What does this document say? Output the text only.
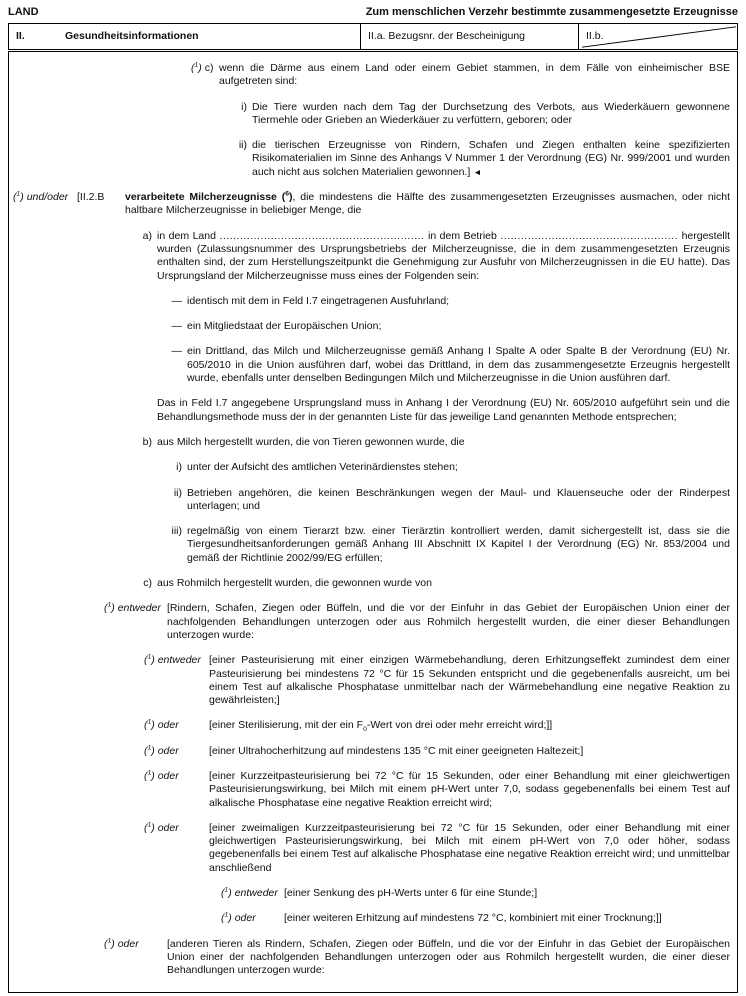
LAND	Zum menschlichen Verzehr bestimmte zusammengesetzte Erzeugnisse
II.	Gesundheitsinformationen	II.a. Bezugsnr. der Bescheinigung	II.b.
($^1$) c) wenn die Därme aus einem Land oder einem Gebiet stammen, in dem Fälle von einheimischer BSE aufgetreten sind:
i) Die Tiere wurden nach dem Tag der Durchsetzung des Verbots, aus Wiederkäuern gewonnene Tiermehle oder Grieben an Wiederkäuer zu verfüttern, geboren; oder
ii) die tierischen Erzeugnisse von Rindern, Schafen und Ziegen enthalten keine spezifizierten Risikomaterialien im Sinne des Anhangs V Nummer 1 der Verordnung (EG) Nr. 999/2001 und wurden auch nicht aus solchen Materialien gewonnen.] ◄
($^1$) und/oder [II.2.B verarbeitete Milcherzeugnisse ($^6$), die mindestens die Hälfte des zusammengesetzten Erzeugnisses ausmachen, oder nicht haltbare Milcherzeugnisse in beliebiger Menge, die
a) in dem Land ............................................................ in dem Betrieb .................................................... hergestellt wurden (Zulassungsnummer des Ursprungsbetriebs der Milcherzeugnisse, die in dem zusammengesetzten Erzeugnis enthalten sind, der zum Herstellungszeitpunkt die Genehmigung zur Ausfuhr von Milcherzeugnissen in die EU hatte). Das Ursprungsland der Milcherzeugnisse muss eines der Folgenden sein:
— identisch mit dem in Feld I.7 eingetragenen Ausfuhrland;
— ein Mitgliedstaat der Europäischen Union;
— ein Drittland, das Milch und Milcherzeugnisse gemäß Anhang I Spalte A oder Spalte B der Verordnung (EU) Nr. 605/2010 in die Union ausführen darf, wobei das Drittland, in dem das zusammengesetzte Erzeugnis hergestellt wurde, ebenfalls unter denselben Bedingungen Milch und Milcherzeugnisse in die Union ausführen darf.
Das in Feld I.7 angegebene Ursprungsland muss in Anhang I der Verordnung (EU) Nr. 605/2010 aufgeführt sein und die Behandlungsmethode muss der in der genannten Liste für das jeweilige Land genannten Methode entsprechen;
b) aus Milch hergestellt wurden, die von Tieren gewonnen wurde, die
i) unter der Aufsicht des amtlichen Veterinärdienstes stehen;
ii) Betrieben angehören, die keinen Beschränkungen wegen der Maul- und Klauenseuche oder der Rinderpest unterlagen; und
iii) regelmäßig von einem Tierarzt bzw. einer Tierärztin kontrolliert werden, damit sichergestellt ist, dass sie die Tiergesundheitsanforderungen gemäß Anhang III Abschnitt IX Kapitel I der Verordnung (EG) Nr. 853/2004 und gemäß der Richtlinie 2002/99/EG erfüllen;
c) aus Rohmilch hergestellt wurden, die gewonnen wurde von
($^1$) entweder [Rindern, Schafen, Ziegen oder Büffeln, und die vor der Einfuhr in das Gebiet der Europäischen Union einer der nachfolgenden Behandlungen unterzogen oder aus Rohmilch hergestellt wurden, die einer dieser Behandlungen unterzogen wurde:
($^1$) entweder [einer Pasteurisierung mit einer einzigen Wärmebehandlung, deren Erhitzungseffekt zumindest dem einer Pasteurisierung bei mindestens 72 °C für 15 Sekunden entspricht und die gegebenenfalls ausreicht, um bei einem Test auf alkalische Phosphatase unmittelbar nach der Wärmebehandlung eine negative Reaktion zu gewährleisten;]
($^1$) oder	[einer Sterilisierung, mit der ein $F_0$-Wert von drei oder mehr erreicht wird;]]
($^1$) oder	[einer Ultrahocherhitzung auf mindestens 135 °C mit einer geeigneten Haltezeit;]
($^1$) oder	[einer Kurzzeitpasteurisierung bei 72 °C für 15 Sekunden, oder einer Behandlung mit einer gleichwertigen Pasteurisierungswirkung, bei Milch mit einem pH-Wert unter 7,0, sodass gegebenenfalls bei einem Test auf alkalische Phosphatase eine negative Reaktion erreicht wird;
($^1$) oder	[einer zweimaligen Kurzzeitpasteurisierung bei 72 °C für 15 Sekunden, oder einer Behandlung mit einer gleichwertigen Pasteurisierungswirkung, bei Milch mit einem pH-Wert von 7,0 oder höher, sodass gegebenenfalls bei einem Test auf alkalische Phosphatase eine negative Reaktion erreicht wird; und unmittelbar anschließend
($^1$) entweder [einer Senkung des pH-Werts unter 6 für eine Stunde;]
($^1$) oder	[einer weiteren Erhitzung auf mindestens 72 °C, kombiniert mit einer Trocknung;]]
($^1$) oder	[anderen Tieren als Rindern, Schafen, Ziegen oder Büffeln, und die vor der Einfuhr in das Gebiet der Europäischen Union einer der nachfolgenden Behandlungen unterzogen oder aus Rohmilch hergestellt wurden, die einer dieser Behandlungen unterzogen wurde:
